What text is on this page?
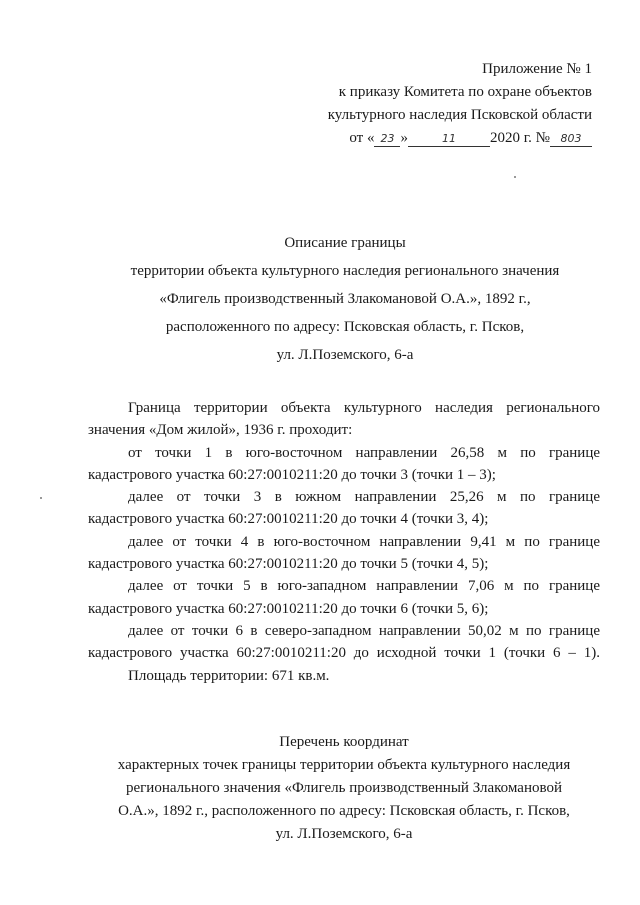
Приложение № 1
к приказу Комитета по охране объектов
культурного наследия Псковской области
от « 23 »	11 2020 г. № 803
Описание границы
территории объекта культурного наследия регионального значения
«Флигель производственный Злакомановой О.А.», 1892 г.,
расположенного по адресу: Псковская область, г. Псков,
ул. Л.Поземского, 6-а
Граница территории объекта культурного наследия регионального
значения «Дом жилой», 1936 г. проходит:
от точки 1 в юго-восточном направлении 26,58 м по границе
кадастрового участка 60:27:0010211:20 до точки 3 (точки 1 – 3);
далее от точки 3 в южном направлении 25,26 м по границе
кадастрового участка 60:27:0010211:20 до точки 4 (точки 3, 4);
далее от точки 4 в юго-восточном направлении 9,41 м по границе
кадастрового участка 60:27:0010211:20 до точки 5 (точки 4, 5);
далее от точки 5 в юго-западном направлении 7,06 м по границе
кадастрового участка 60:27:0010211:20 до точки 6 (точки 5, 6);
далее от точки 6 в северо-западном направлении 50,02 м по границе
кадастрового участка 60:27:0010211:20 до исходной точки 1 (точки 6 – 1).
Площадь территории: 671 кв.м.
Перечень координат
характерных точек границы территории объекта культурного наследия
регионального значения «Флигель производственный Злакомановой
О.А.», 1892 г., расположенного по адресу: Псковская область, г. Псков,
ул. Л.Поземского, 6-а
